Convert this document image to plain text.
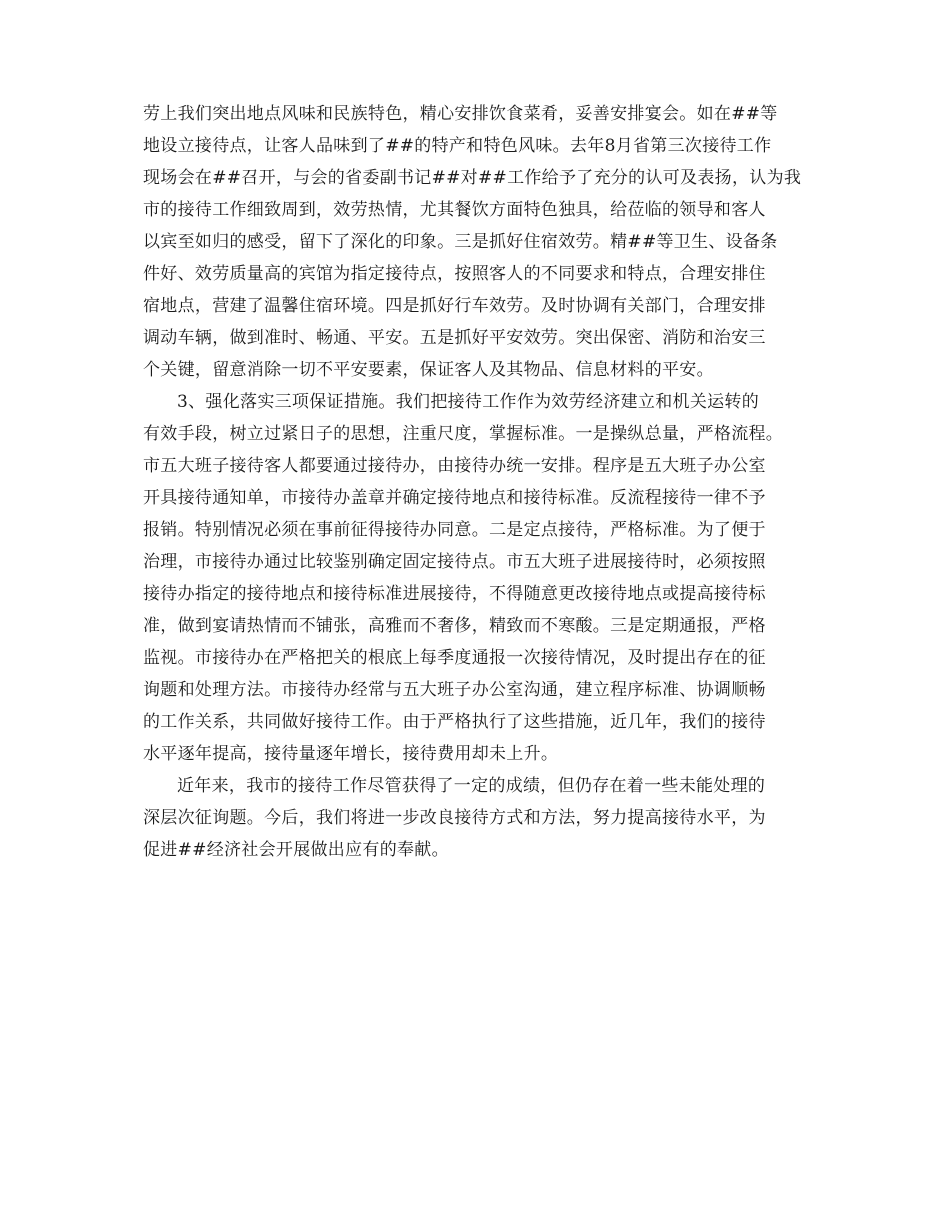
劳上我们突出地点风味和民族特色，精心安排饮食菜肴，妥善安排宴会。如在##等
地设立接待点，让客人品味到了##的特产和特色风味。去年8月省第三次接待工作
现场会在##召开，与会的省委副书记##对##工作给予了充分的认可及表扬，认为我
市的接待工作细致周到，效劳热情，尤其餐饮方面特色独具，给莅临的领导和客人
以宾至如归的感受，留下了深化的印象。三是抓好住宿效劳。精##等卫生、设备条
件好、效劳质量高的宾馆为指定接待点，按照客人的不同要求和特点，合理安排住
宿地点，营建了温馨住宿环境。四是抓好行车效劳。及时协调有关部门，合理安排
调动车辆，做到准时、畅通、平安。五是抓好平安效劳。突出保密、消防和治安三
个关键，留意消除一切不平安要素，保证客人及其物品、信息材料的平安。

3、强化落实三项保证措施。我们把接待工作作为效劳经济建立和机关运转的
有效手段，树立过紧日子的思想，注重尺度，掌握标准。一是操纵总量，严格流程。
市五大班子接待客人都要通过接待办，由接待办统一安排。程序是五大班子办公室
开具接待通知单，市接待办盖章并确定接待地点和接待标准。反流程接待一律不予
报销。特别情况必须在事前征得接待办同意。二是定点接待，严格标准。为了便于
治理，市接待办通过比较鉴别确定固定接待点。市五大班子进展接待时，必须按照
接待办指定的接待地点和接待标准进展接待，不得随意更改接待地点或提高接待标
准，做到宴请热情而不铺张，高雅而不奢侈，精致而不寒酸。三是定期通报，严格
监视。市接待办在严格把关的根底上每季度通报一次接待情况，及时提出存在的征
询题和处理方法。市接待办经常与五大班子办公室沟通，建立程序标准、协调顺畅
的工作关系，共同做好接待工作。由于严格执行了这些措施，近几年，我们的接待
水平逐年提高，接待量逐年增长，接待费用却未上升。

近年来，我市的接待工作尽管获得了一定的成绩，但仍存在着一些未能处理的
深层次征询题。今后，我们将进一步改良接待方式和方法，努力提高接待水平，为
促进##经济社会开展做出应有的奉献。
